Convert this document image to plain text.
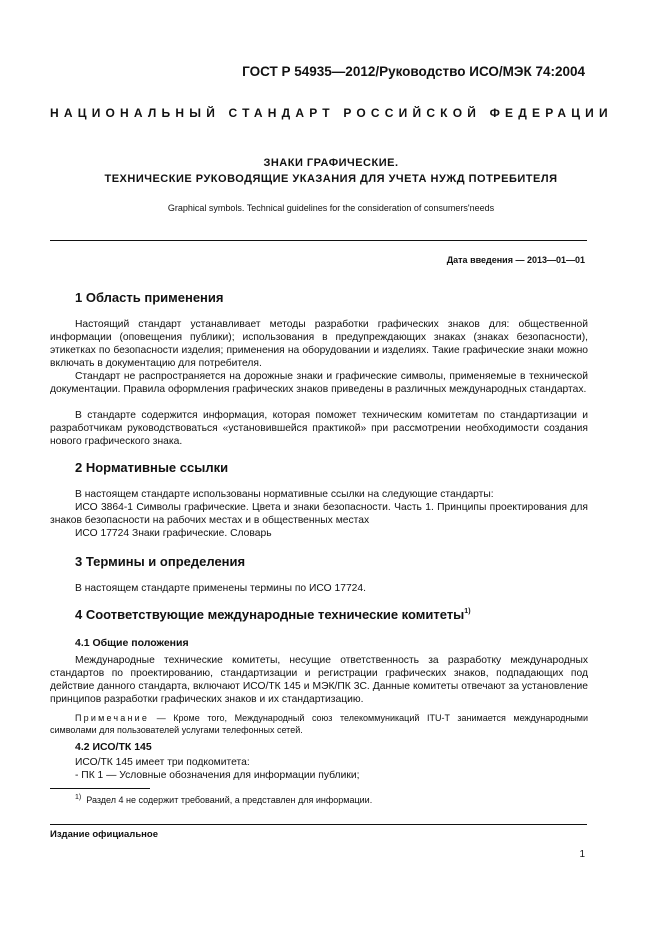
ГОСТ Р 54935—2012/Руководство ИСО/МЭК 74:2004
НАЦИОНАЛЬНЫЙ СТАНДАРТ РОССИЙСКОЙ ФЕДЕРАЦИИ
ЗНАКИ ГРАФИЧЕСКИЕ.
ТЕХНИЧЕСКИЕ РУКОВОДЯЩИЕ УКАЗАНИЯ ДЛЯ УЧЕТА НУЖД ПОТРЕБИТЕЛЯ
Graphical symbols. Technical guidelines for the consideration of consumers'needs
Дата введения — 2013—01—01
1 Область применения
Настоящий стандарт устанавливает методы разработки графических знаков для: общественной информации (оповещения публики); использования в предупреждающих знаках (знаках безопасности), этикетках по безопасности изделия; применения на оборудовании и изделиях. Такие графические знаки можно включать в документацию для потребителя.
Стандарт не распространяется на дорожные знаки и графические символы, применяемые в технической документации. Правила оформления графических знаков приведены в различных международных стандартах.
В стандарте содержится информация, которая поможет техническим комитетам по стандартизации и разработчикам руководствоваться «установившейся практикой» при рассмотрении необходимости создания нового графического знака.
2 Нормативные ссылки
В настоящем стандарте использованы нормативные ссылки на следующие стандарты:
ИСО 3864-1 Символы графические. Цвета и знаки безопасности. Часть 1. Принципы проектирования для знаков безопасности на рабочих местах и в общественных местах
ИСО 17724 Знаки графические. Словарь
3 Термины и определения
В настоящем стандарте применены термины по ИСО 17724.
4 Соответствующие международные технические комитеты$^{1)}$
4.1 Общие положения
Международные технические комитеты, несущие ответственность за разработку международных стандартов по проектированию, стандартизации и регистрации графических знаков, подпадающих под действие данного стандарта, включают ИСО/ТК 145 и МЭК/ПК 3С. Данные комитеты отвечают за установление принципов разработки графических знаков и их стандартизацию.
Примечание — Кроме того, Международный союз телекоммуникаций ITU-T занимается международными символами для пользователей услугами телефонных сетей.
4.2 ИСО/ТК 145
ИСО/ТК 145 имеет три подкомитета:
- ПК 1 — Условные обозначения для информации публики;
$^{1)}$ Раздел 4 не содержит требований, а представлен для информации.
Издание официальное
1
